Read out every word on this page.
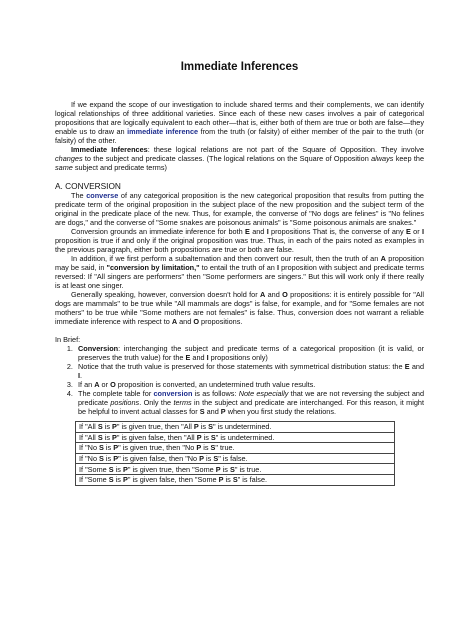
Immediate Inferences

If we expand the scope of our investigation to include shared terms and their complements, we can identify logical relationships of three additional varieties. Since each of these new cases involves a pair of categorical propositions that are logically equivalent to each other—that is, either both of them are true or both are false—they enable us to draw an immediate inference from the truth (or falsity) of either member of the pair to the truth (or falsity) of the other.

Immediate Inferences: these logical relations are not part of the Square of Opposition. They involve changes to the subject and predicate classes. (The logical relations on the Square of Opposition always keep the same subject and predicate terms)

A. CONVERSION

The converse of any categorical proposition is the new categorical proposition that results from putting the predicate term of the original proposition in the subject place of the new proposition and the subject term of the original in the predicate place of the new. Thus, for example, the converse of "No dogs are felines" is "No felines are dogs," and the converse of "Some snakes are poisonous animals" is "Some poisonous animals are snakes."

Conversion grounds an immediate inference for both E and I propositions That is, the converse of any E or I proposition is true if and only if the original proposition was true. Thus, in each of the pairs noted as examples in the previous paragraph, either both propositions are true or both are false.

In addition, if we first perform a subalternation and then convert our result, then the truth of an A proposition may be said, in "conversion by limitation," to entail the truth of an I proposition with subject and predicate terms reversed: If "All singers are performers" then "Some performers are singers." But this will work only if there really is at least one singer.

Generally speaking, however, conversion doesn't hold for A and O propositions: it is entirely possible for "All dogs are mammals" to be true while "All mammals are dogs" is false, for example, and for "Some females are not mothers" to be true while "Some mothers are not females" is false. Thus, conversion does not warrant a reliable immediate inference with respect to A and O propositions.

In Brief:

1. Conversion: interchanging the subject and predicate terms of a categorical proposition (it is valid, or preserves the truth value) for the E and I propositions only)
2. Notice that the truth value is preserved for those statements with symmetrical distribution status: the E and I.
3. If an A or O proposition is converted, an undetermined truth value results.
4. The complete table for conversion is as follows: Note especially that we are not reversing the subject and predicate positions. Only the terms in the subject and predicate are interchanged. For this reason, it might be helpful to invent actual classes for S and P when you first study the relations.
If "All S is P" is given true, then "All P is S" is undetermined.
If "All S is P" is given false, then "All P is S" is undetermined.
If "No S is P" is given true, then "No P is S" true.
If "No S is P" is given false, then "No P is S" is false.
If "Some S is P" is given true, then "Some P is S" is true.
If "Some S is P" is given false, then "Some P is S" is false.
